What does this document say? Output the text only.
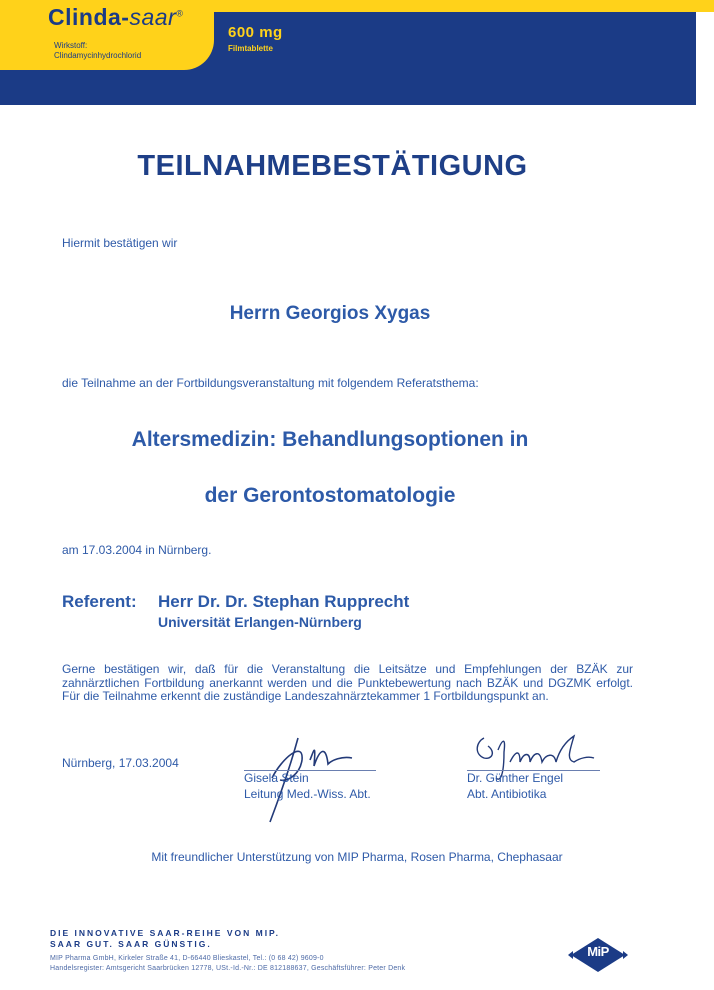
Clinda-saar®
Wirkstoff:
Clindamycinhydrochlorid
600 mg
Filmtablette
TEILNAHMEBESTÄTIGUNG
Hiermit bestätigen wir
Herrn Georgios Xygas
die Teilnahme an der Fortbildungsveranstaltung mit folgendem Referatsthema:
Altersmedizin: Behandlungsoptionen in
der Gerontostomatologie
am 17.03.2004 in Nürnberg.
Referent: Herr Dr. Dr. Stephan Rupprecht
Universität Erlangen-Nürnberg
Gerne bestätigen wir, daß für die Veranstaltung die Leitsätze und Empfehlungen der BZÄK zur zahnärztlichen Fortbildung anerkannt werden und die Punktebewertung nach BZÄK und DGZMK erfolgt. Für die Teilnahme erkennt die zuständige Landeszahnärztekammer 1 Fortbildungspunkt an.
Nürnberg, 17.03.2004
Gisela Stein
Leitung Med.-Wiss. Abt.
Dr. Günther Engel
Abt. Antibiotika
Mit freundlicher Unterstützung von MIP Pharma, Rosen Pharma, Chephasaar
DIE INNOVATIVE SAAR-REIHE VON MIP.
SAAR GUT. SAAR GÜNSTIG.
MIP Pharma GmbH, Kirkeler Straße 41, D-66440 Blieskastel, Tel.: (0 68 42) 9609-0
Handelsregister: Amtsgericht Saarbrücken 12778, USt.-Id.-Nr.: DE 812188637, Geschäftsführer: Peter Denk
MiP
